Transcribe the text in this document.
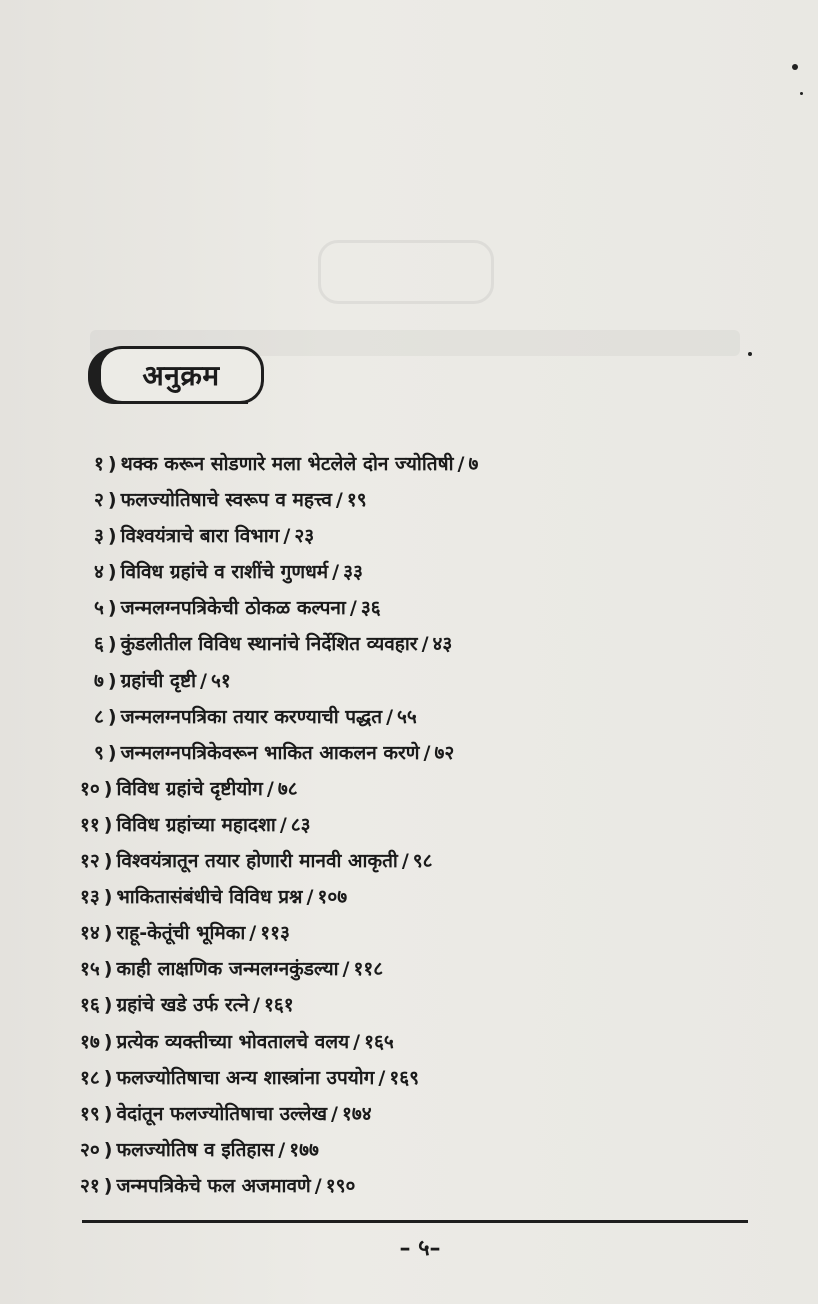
अनुक्रम
१ ) थक्क करून सोडणारे मला भेटलेले दोन ज्योतिषी / ७
२ ) फलज्योतिषाचे स्वरूप व महत्त्व / १९
३ ) विश्वयंत्राचे बारा विभाग / २३
४ ) विविध ग्रहांचे व राशींचे गुणधर्म / ३३
५ ) जन्मलग्नपत्रिकेची ठोकळ कल्पना / ३६
६ ) कुंडलीतील विविध स्थानांचे निर्देशित व्यवहार / ४३
७ ) ग्रहांची दृष्टी / ५१
८ ) जन्मलग्नपत्रिका तयार करण्याची पद्धत / ५५
९ ) जन्मलग्नपत्रिकेवरून भाकित आकलन करणे / ७२
१० ) विविध ग्रहांचे दृष्टीयोग / ७८
११ ) विविध ग्रहांच्या महादशा / ८३
१२ ) विश्वयंत्रातून तयार होणारी मानवी आकृती / ९८
१३ ) भाकितासंबंधीचे विविध प्रश्न / १०७
१४ ) राहू-केतूंची भूमिका / ११३
१५ ) काही लाक्षणिक जन्मलग्नकुंडल्या / ११८
१६ ) ग्रहांचे खडे उर्फ रत्ने / १६१
१७ ) प्रत्येक व्यक्तीच्या भोवतालचे वलय / १६५
१८ ) फलज्योतिषाचा अन्य शास्त्रांना उपयोग / १६९
१९ ) वेदांतून फलज्योतिषाचा उल्लेख / १७४
२० ) फलज्योतिष व इतिहास / १७७
२१ ) जन्मपत्रिकेचे फल अजमावणे / १९०
– ५–
